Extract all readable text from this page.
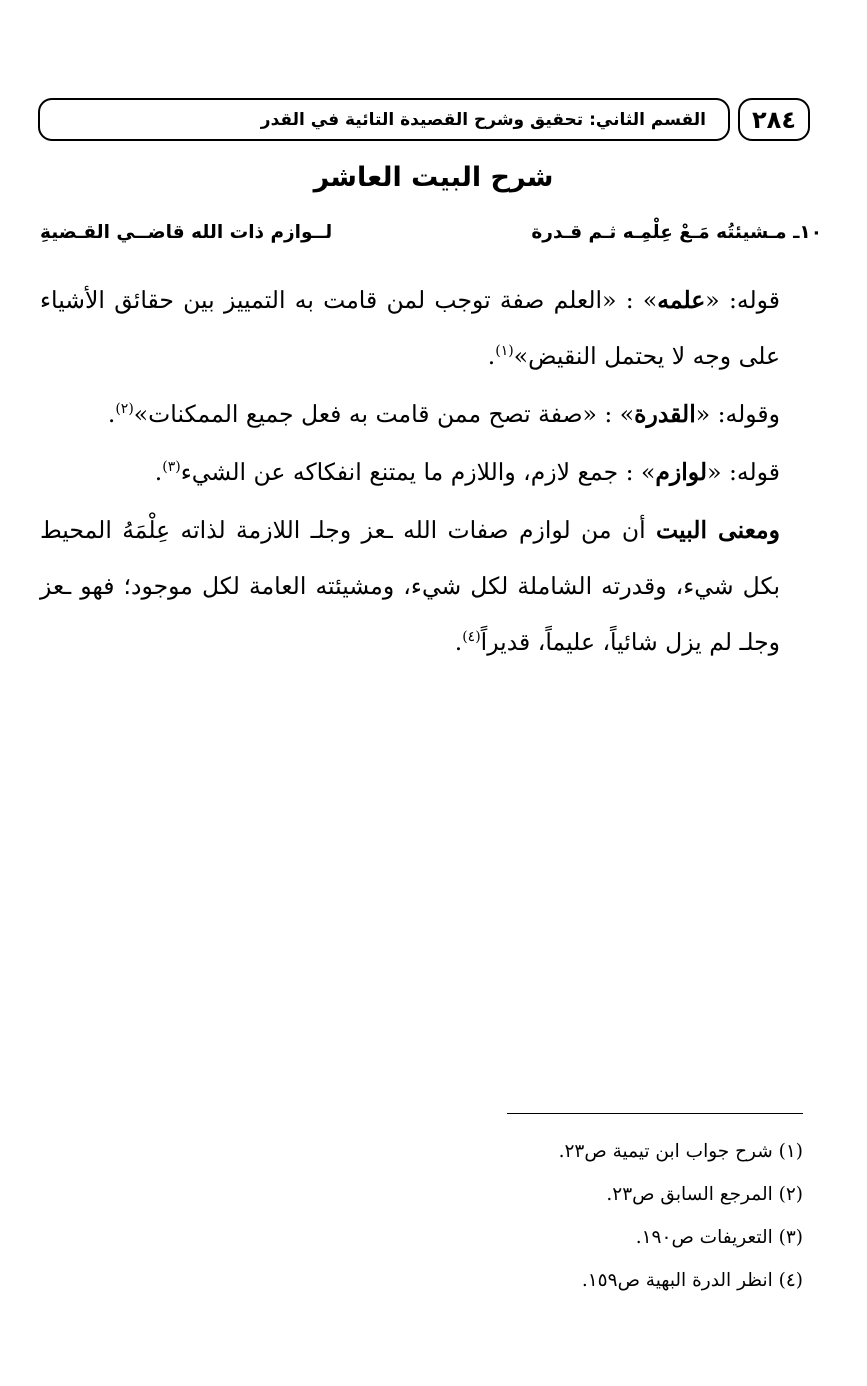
٢٨٤
القسم الثاني: تحقيق وشرح القصيدة التائية في القدر
شرح البيت العاشر
١٠ـ مـشيئتُه مَـعْ عِلْمِـه ثـم قـدرة
لــوازم ذات الله قاضــي القـضيةِ

قوله: «علمه» : «العلم صفة توجب لمن قامت به التمييز بين حقائق الأشياء على وجه لا يحتمل النقيض»$^{(١)}$.

وقوله: «القدرة» : «صفة تصح ممن قامت به فعل جميع الممكنات»$^{(٢)}$.

قوله: «لوازم» : جمع لازم، واللازم ما يمتنع انفكاكه عن الشيء$^{(٣)}$.

ومعنى البيت أن من لوازم صفات الله ـعز وجلـ اللازمة لذاته عِلْمَهُ المحيط بكل شيء، وقدرته الشاملة لكل شيء، ومشيئته العامة لكل موجود؛ فهو ـعز وجلـ لم يزل شائياً، عليماً، قديراً$^{(٤)}$.

(١) شرح جواب ابن تيمية ص٢٣.

(٢) المرجع السابق ص٢٣.

(٣) التعريفات ص١٩٠.

(٤) انظر الدرة البهية ص١٥٩.
